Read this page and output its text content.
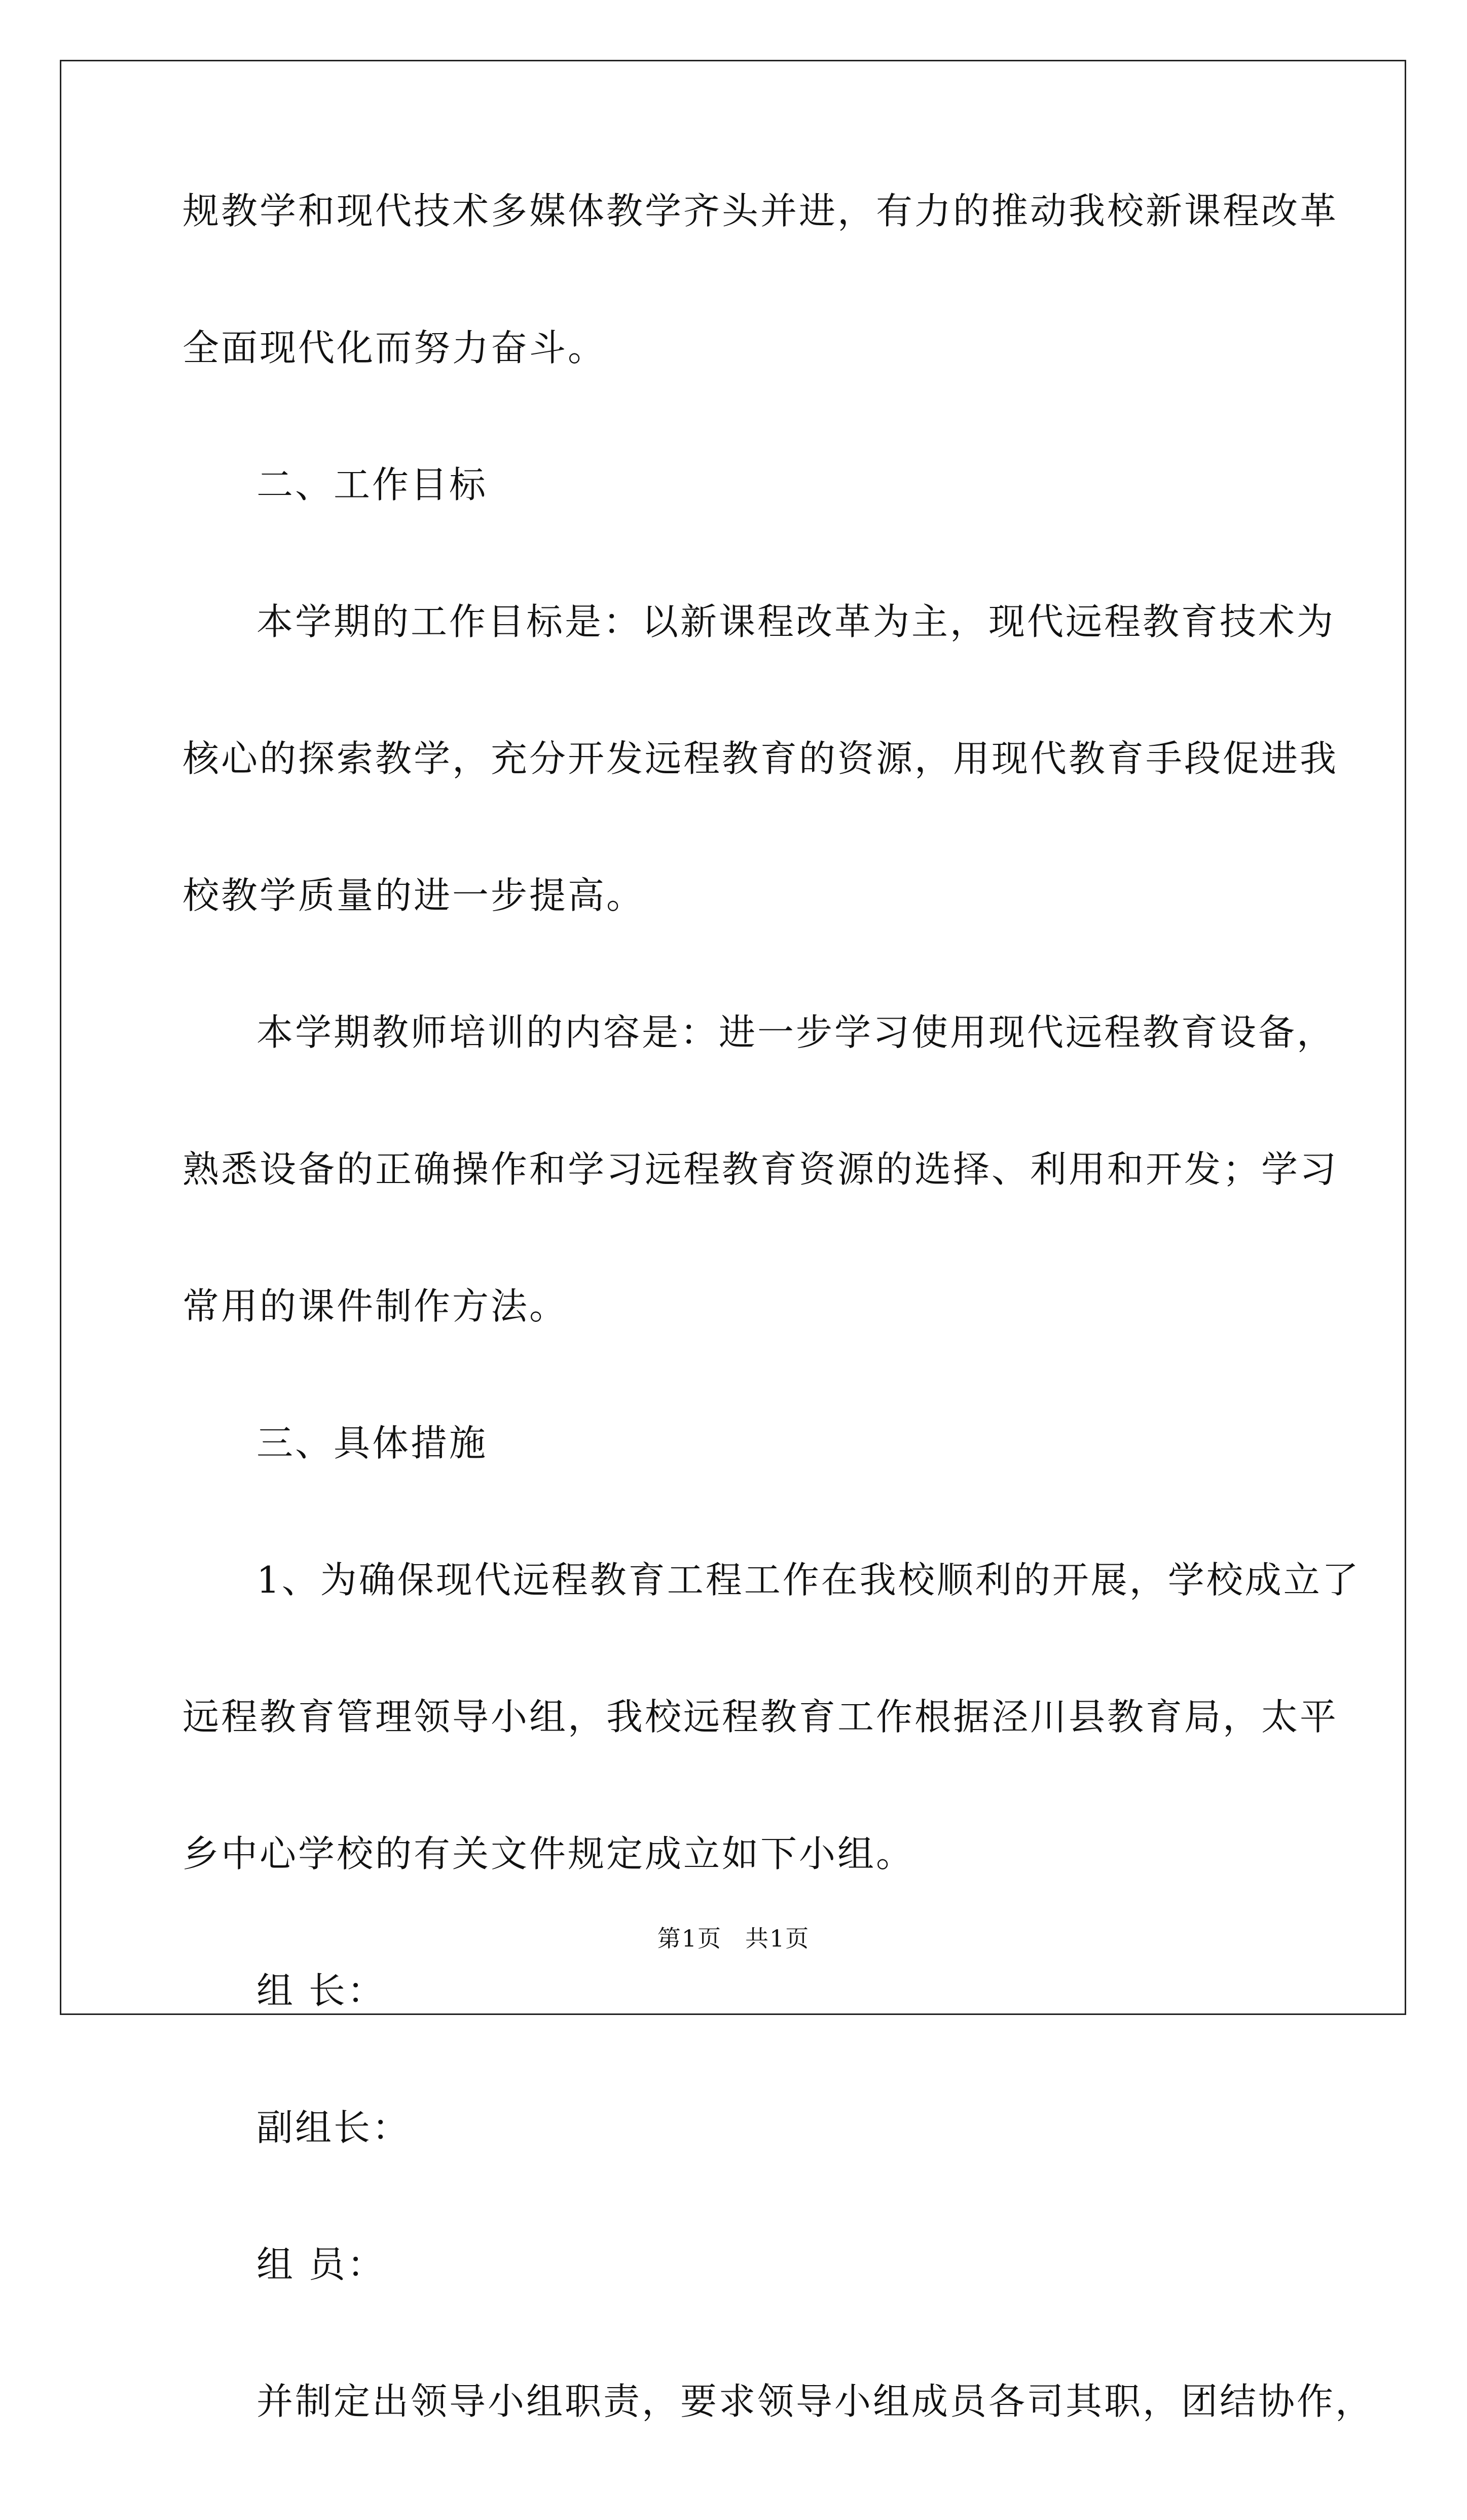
规教学和现代技术多媒体教学齐头并进，有力的推动我校新课程改革
全面现代化而努力奋斗。
二、工作目标
本学期的工作目标是：以新课程改革为主，现代远程教育技术为
核心的探索教学，充分开发远程教育的资源，用现代教育手段促进我
校教学质量的进一步提高。
本学期教师培训的内容是：进一步学习使用现代远程教育设备，
熟悉设备的正确操作和学习远程教育资源的选择、利用和开发；学习
常用的课件制作方法。
三、具体措施
1、为确保现代远程教育工程工作在我校顺利的开展，学校成立了
远程教育管理领导小组，我校远程教育工作根据泾川县教育局，太平
乡中心学校的有关文件规定成立如下小组。
组 长：
副组长：
组 员：
并制定出领导小组职责，要求领导小组成员各司其职，团结协作，
第1页 共1页
